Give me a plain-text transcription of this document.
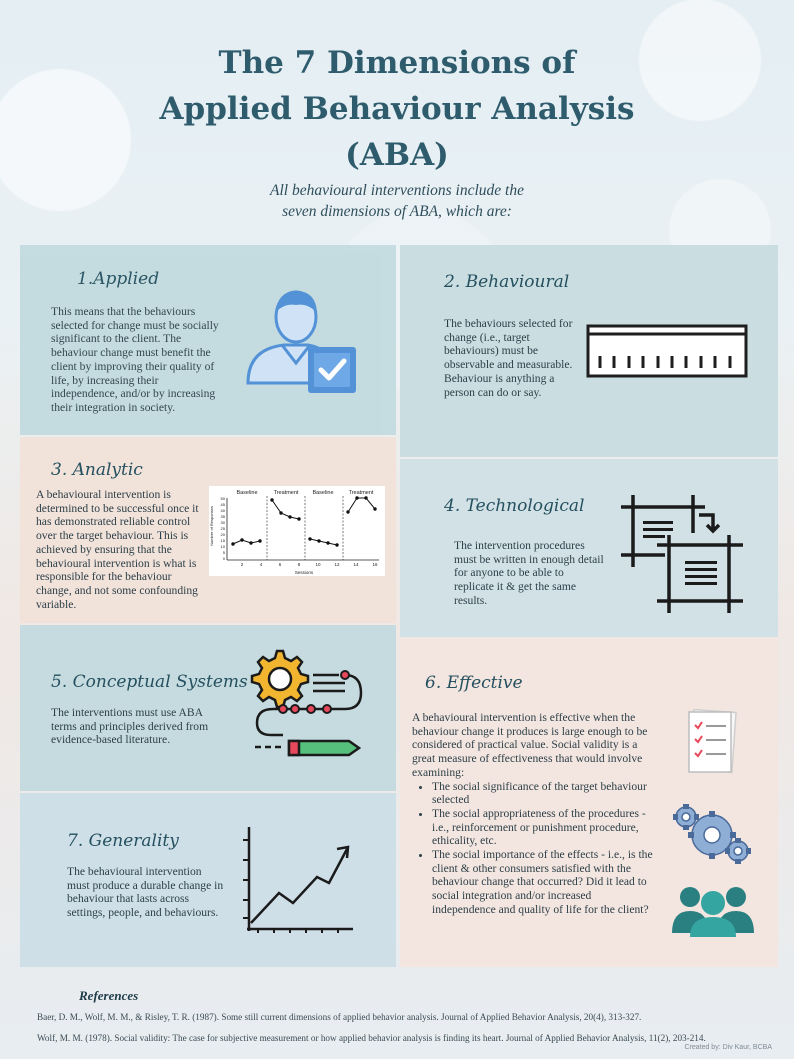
The 7 Dimensions of
Applied Behaviour Analysis
(ABA)
All behavioural interventions include the
seven dimensions of ABA, which are:
1.Applied
This means that the behaviours selected for change must be socially significant to the client. The behaviour change must benefit the client by improving their quality of life, by increasing their independence, and/or by increasing their integration in society.
2. Behavioural
The behaviours selected for change (i.e., target behaviours) must be observable and measurable. Behaviour is anything a person can do or say.
3. Analytic
A behavioural intervention is determined to be successful once it has demonstrated reliable control over the target behaviour. This is achieved by ensuring that the behavioural intervention is what is responsible for the behaviour change, and not some confounding variable.
Baseline	Treatment	Baseline	Treatment
Number of Responses
Sessions
50
45
40
35
30
25
20
15
10
5
0
2	4	6	8	10	12	14	16
4. Technological
The intervention procedures must be written in enough detail for anyone to be able to replicate it & get the same results.
5. Conceptual Systems
The interventions must use ABA terms and principles derived from evidence-based literature.
6. Effective
A behavioural intervention is effective when the behaviour change it produces is large enough to be considered of practical value. Social validity is a great measure of effectiveness that would involve examining:
• The social significance of the target behaviour selected
• The social appropriateness of the procedures - i.e., reinforcement or punishment procedure, ethicality, etc.
• The social importance of the effects - i.e., is the client & other consumers satisfied with the behaviour change that occurred? Did it lead to social integration and/or increased independence and quality of life for the client?
7. Generality
The behavioural intervention must produce a durable change in behaviour that lasts across settings, people, and behaviours.
References
Baer, D. M., Wolf, M. M., & Risley, T. R. (1987). Some still current dimensions of applied behavior analysis. Journal of Applied Behavior Analysis, 20(4), 313-327.
Wolf, M. M. (1978). Social validity: The case for subjective measurement or how applied behavior analysis is finding its heart. Journal of Applied Behavior Analysis, 11(2), 203-214.
Created by: Div Kaur, BCBA
